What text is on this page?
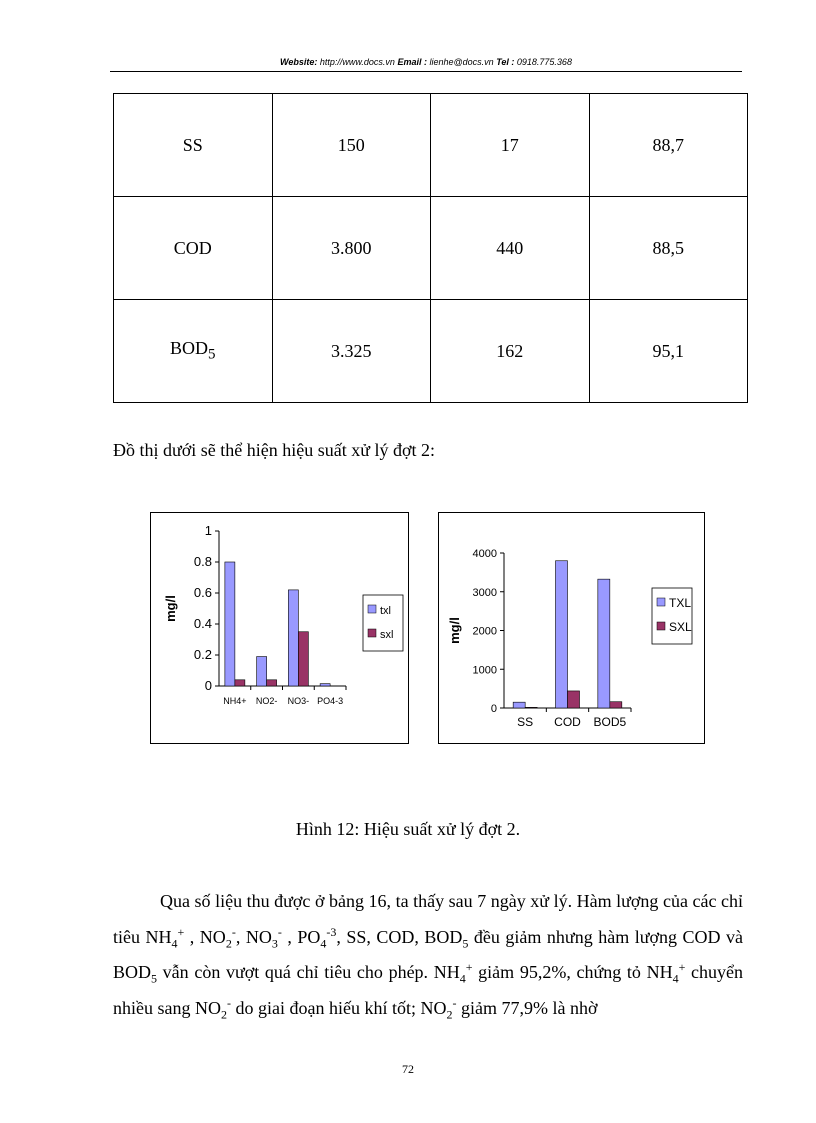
Website: http://www.docs.vn Email : lienhe@docs.vn Tel : 0918.775.368
SS	150	17	88,7
COD	3.800	440	88,5
$BOD_5$	3.325	162	95,1
Đồ thị dưới sẽ thể hiện hiệu suất xử lý đợt 2:
0
0.2
0.4
0.6
0.8
1
mg/l
NH4+ NO2- NO3- PO4-3
txl
sxl
0
1000
2000
3000
4000
mg/l
SS COD BOD5
TXL
SXL
Hình 12: Hiệu suất xử lý đợt 2.
Qua số liệu thu được ở bảng 16, ta thấy sau 7 ngày xử lý. Hàm lượng của các chỉ tiêu $NH_4^+$ , $NO_2^-$, $NO_3^-$ , $PO_4^{-3}$, SS, COD, $BOD_5$ đều giảm nhưng hàm lượng COD và $BOD_5$ vẫn còn vượt quá chỉ tiêu cho phép. $NH_4^+$ giảm 95,2%, chứng tỏ $NH_4^+$ chuyển nhiều sang $NO_2^-$ do giai đoạn hiếu khí tốt; $NO_2^-$ giảm 77,9% là nhờ
72
